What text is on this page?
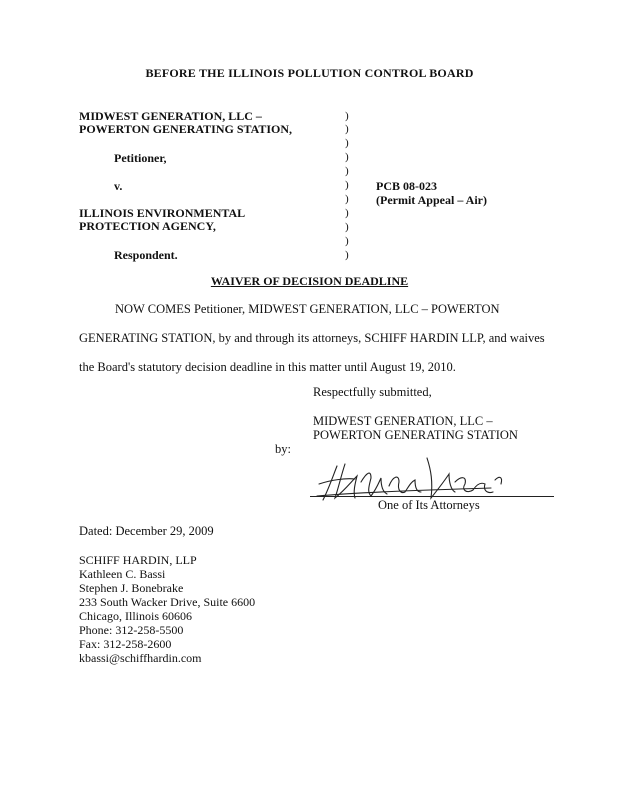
BEFORE THE ILLINOIS POLLUTION CONTROL BOARD
MIDWEST GENERATION, LLC –
POWERTON GENERATING STATION,
Petitioner,
v.
ILLINOIS ENVIRONMENTAL
PROTECTION AGENCY,
Respondent.
)
)
)
)
)
)
)
)
)
)
)
PCB 08-023
(Permit Appeal – Air)
WAIVER OF DECISION DEADLINE
NOW COMES Petitioner, MIDWEST GENERATION, LLC – POWERTON
GENERATING STATION, by and through its attorneys, SCHIFF HARDIN LLP, and waives
the Board's statutory decision deadline in this matter until August 19, 2010.
Respectfully submitted,
MIDWEST GENERATION, LLC –
POWERTON GENERATING STATION
by:
One of Its Attorneys
Dated: December 29, 2009
SCHIFF HARDIN, LLP
Kathleen C. Bassi
Stephen J. Bonebrake
233 South Wacker Drive, Suite 6600
Chicago, Illinois 60606
Phone: 312-258-5500
Fax: 312-258-2600
kbassi@schiffhardin.com
